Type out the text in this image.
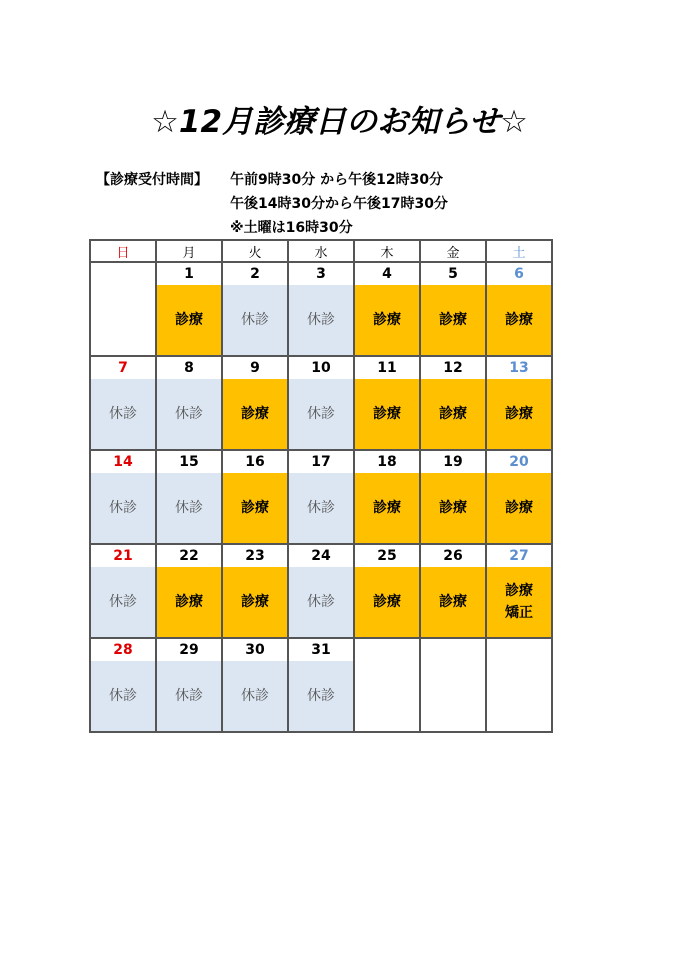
☆12月診療日のお知らせ☆
【診療受付時間】	午前9時30分 から午後12時30分
午後14時30分から午後17時30分
※土曜は16時30分
日	月	火	水	木	金	土
	1	2	3	4	5	6

	診療	休診	休診	診療	診療	診療

7	8	9	10	11	12	13

休診	休診	診療	休診	診療	診療	診療

14	15	16	17	18	19	20

休診	休診	診療	休診	診療	診療	診療

21	22	23	24	25	26	27

休診	診療	診療	休診	診療	診療	診療
矯正

28	29	30	31			

休診	休診	休診	休診			
